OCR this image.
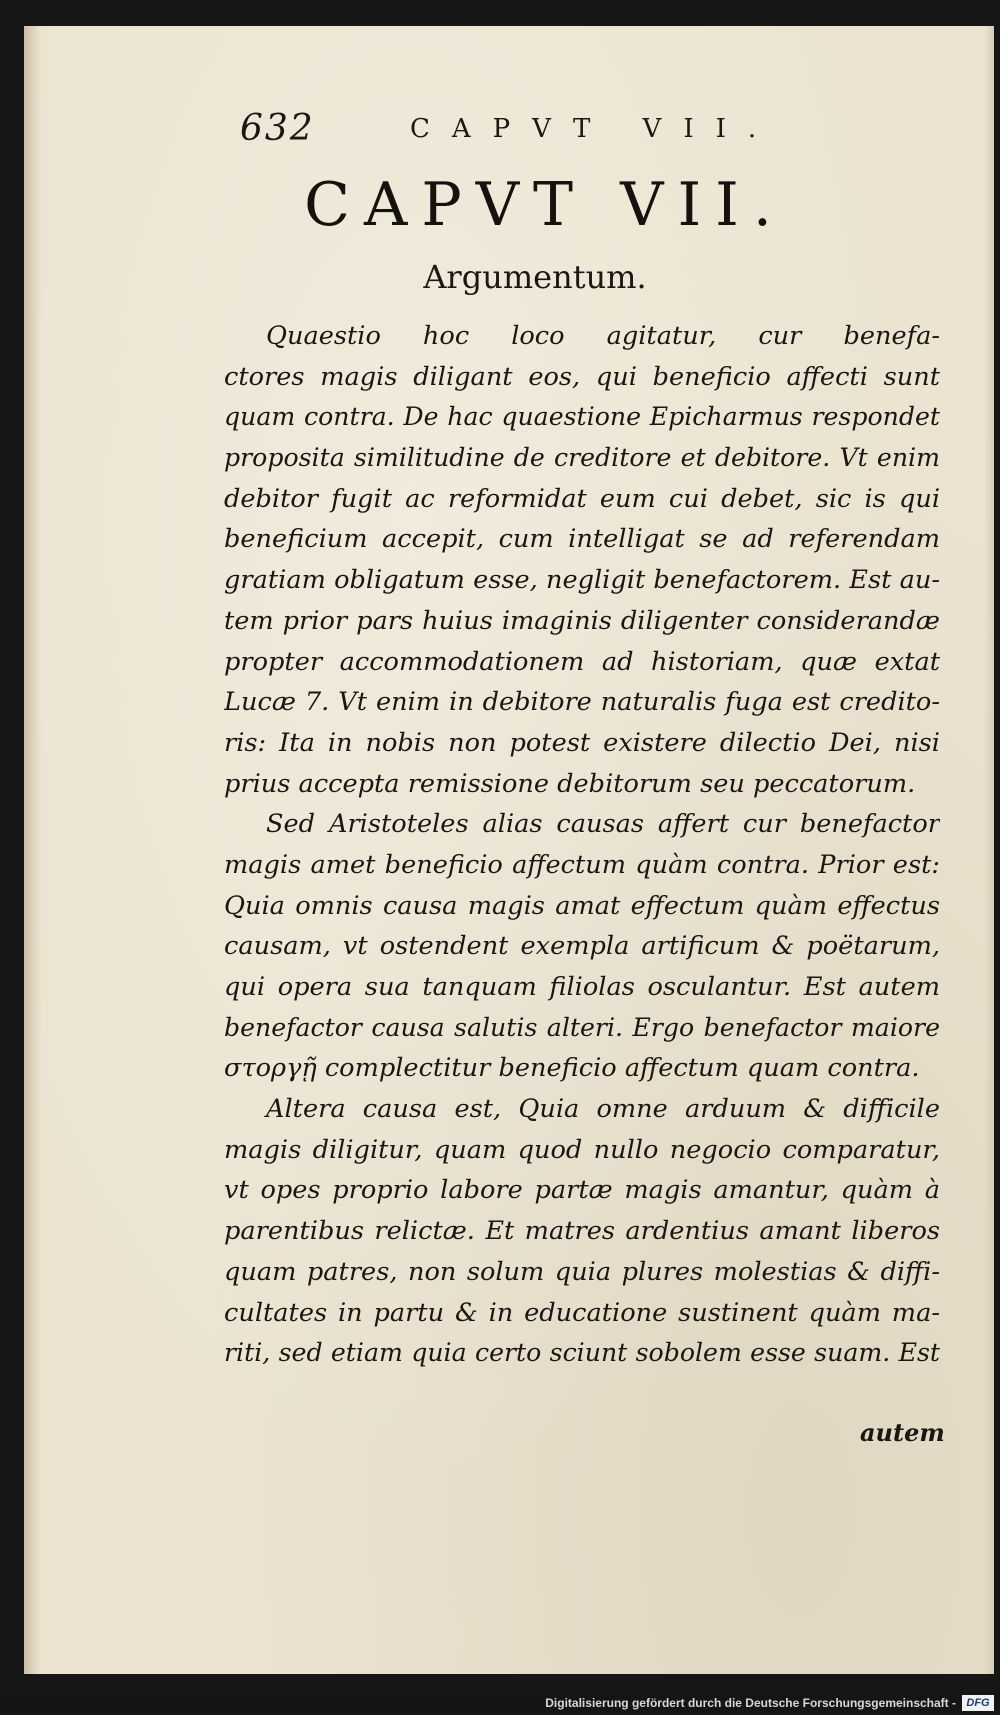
632	CAPVT VII.
CAPVT VII.
Argumentum.
Quaestio hoc loco agitatur, cur benefa-
ctores magis diligant eos, qui beneficio affecti sunt
quam contra. De hac quaestione Epicharmus respondet
proposita similitudine de creditore et debitore. Vt enim
debitor fugit ac reformidat eum cui debet, sic is qui
beneficium accepit, cum intelligat se ad referendam
gratiam obligatum esse, negligit benefactorem. Est au-
tem prior pars huius imaginis diligenter considerandæ
propter accommodationem ad historiam, quæ extat
Lucæ 7. Vt enim in debitore naturalis fuga est credito-
ris: Ita in nobis non potest existere dilectio Dei, nisi
prius accepta remissione debitorum seu peccatorum.
Sed Aristoteles alias causas affert cur benefactor
magis amet beneficio affectum quàm contra. Prior est:
Quia omnis causa magis amat effectum quàm effectus
causam, vt ostendent exempla artificum & poëtarum,
qui opera sua tanquam filiolas osculantur. Est autem
benefactor causa salutis alteri. Ergo benefactor maiore
στοργῇ complectitur beneficio affectum quam contra.
Altera causa est, Quia omne arduum & difficile
magis diligitur, quam quod nullo negocio comparatur,
vt opes proprio labore partæ magis amantur, quàm à
parentibus relictæ. Et matres ardentius amant liberos
quam patres, non solum quia plures molestias & diffi-
cultates in partu & in educatione sustinent quàm ma-
riti, sed etiam quia certo sciunt sobolem esse suam. Est
autem
Digitalisierung gefördert durch die Deutsche Forschungsgemeinschaft - DFG
